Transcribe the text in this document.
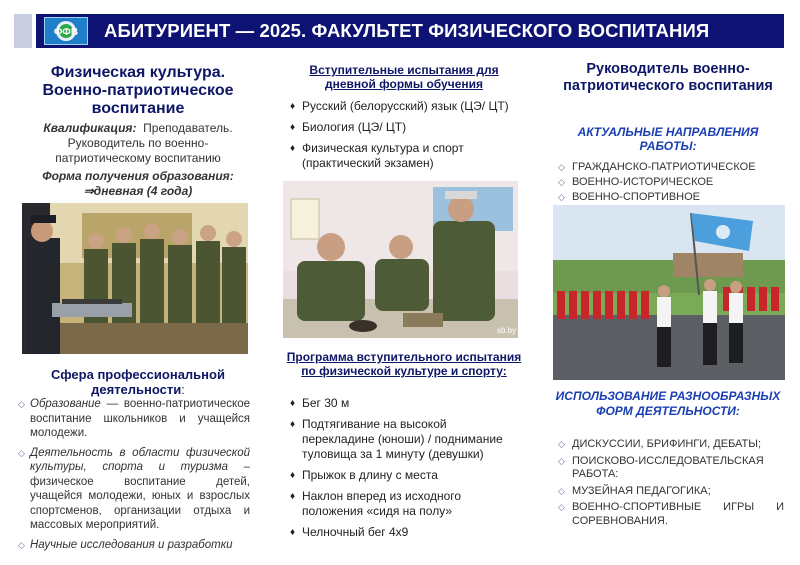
ФФВ АБИТУРИЕНТ — 2025. ФАКУЛЬТЕТ ФИЗИЧЕСКОГО ВОСПИТАНИЯ
Физическая культура. Военно-патриотическое воспитание
Квалификация: Преподаватель. Руководитель по военно-патриотическому воспитанию
Форма получения образования:
⇒дневная (4 года)
Сфера профессиональной деятельности:
◇ Образование — военно-патриотическое воспитание школьников и учащейся молодежи.
◇ Деятельность в области физической культуры, спорта и туризма – физическое воспитание детей, учащейся молодежи, юных и взрослых спортсменов, организации отдыха и массовых мероприятий.
◇ Научные исследования и разработки
Вступительные испытания для дневной формы обучения
♦ Русский (белорусский) язык (ЦЭ/ ЦТ)
♦ Биология (ЦЭ/ ЦТ)
♦ Физическая культура и спорт (практический экзамен)
sb.by
Программа вступительного испытания по физической культуре и спорту:
♦ Бег 30 м
♦ Подтягивание на высокой перекладине (юноши) / поднимание туловища за 1 минуту (девушки)
♦ Прыжок в длину с места
♦ Наклон вперед из исходного положения «сидя на полу»
♦ Челночный бег 4х9
Руководитель военно-патриотического воспитания
АКТУАЛЬНЫЕ НАПРАВЛЕНИЯ РАБОТЫ:
◇ ГРАЖДАНСКО-ПАТРИОТИЧЕСКОЕ
◇ ВОЕННО-ИСТОРИЧЕСКОЕ
◇ ВОЕННО-СПОРТИВНОЕ
ИСПОЛЬЗОВАНИЕ РАЗНООБРАЗНЫХ ФОРМ ДЕЯТЕЛЬНОСТИ:
◇ ДИСКУССИИ, БРИФИНГИ, ДЕБАТЫ;
◇ ПОИСКОВО-ИССЛЕДОВАТЕЛЬСКАЯ РАБОТА:
◇ МУЗЕЙНАЯ ПЕДАГОГИКА;
◇ ВОЕННО-СПОРТИВНЫЕ ИГРЫ И СОРЕВНОВАНИЯ.
